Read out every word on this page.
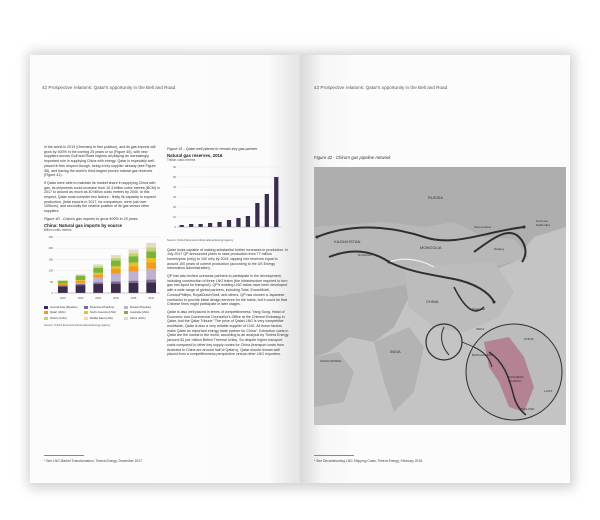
42 Prospective relations: Qatar's opportunity in the Belt and Road

in the world in 2019 (Germany in first position), and its gas imports will grow by 400% in the coming 25 years or so (Figure 40), with new suppliers across Gulf and Road regions all playing an increasingly important role in supplying China with energy. Qatar is especially well-placed in this respect though, being a key supplier already (see Figure 36), and having the world's third-largest proven natural gas reserves (Figure 41).

If Qatar were able to maintain its market share in supplying China with gas, its shipments could increase from 10.3 billion cubic metres (BCM) in 2017 to around as much as 40 billion cubic metres by 2040. In this respect, Qatar must consider two factors - firstly its capacity to expand production, (total exports in 2017, for comparison, were just over 100bcm), and secondly the relative position of its gas versus other suppliers.

Figure 40 - China's gas imports to grow 400% in 25 years
China: Natural gas imports by source
Billion cubic metres
0
50
100
150
200
250
2016	2020	2025	2030	2035	2040
Central Asia (Pipeline)	Myanmar (Pipeline)	Russia (Pipeline)
Qatar (LNG)	North America (LNG)	Australia (LNG)
Others (LNG)	Middle East (LNG)	Africa (LNG)
Source: Oxford Economics/International Energy Agency
Figure 41 - Qatar well placed to remain key gas partner
Natural gas reserves, 2016
Trillion cubic metres
0
10
20
30
40
50
60
Source: Oxford Economics/International Energy Agency

Qatar looks capable of making substantial further increases in production. In July 2017 QP announced plans to raise production from 77 million tonnes/year (mt/y) to 100 mt/y by 2024, tapping into reserves equal to around 100 years of current production (according to the US Energy Information Administration).

QP has also invited overseas partners to participate in the development, including construction of three LNG trains (the infrastructure required to turn gas into liquid for transport). QP's existing LNG trains have been developed with a wide range of global partners, including Total, ExxonMobil, ConocoPhillips, RoyalDutchShell, and others. QP has chosen a Japanese contractor to provide initial design services for the trains, but it could be that Chinese firms might participate in later stages.

Qatar is also well placed in terms of competitiveness. Yang Song, Head of Economic and Commercial Counsellor's Office at the Chinese Embassy in Qatar, told the Qatar Tribune "The price of Qatari LNG is very competitive worldwide, Qatar is also a very reliable supplier of LNG. All these factors make Qatar an important energy trade partner for China". Extraction costs in Qatar are the lowest in the world, according to an analysis by Timera Energy (around $1 per million British Thermal Units). So despite higher transport costs compared to other key supply routes for China (transport costs from Australia to China are around half of Qatar's), Qatar should remain well placed from a competitiveness perspective versus other LNG exporters.

* See LNG Market Transformation, Timera Energy, December 2017
43 Prospective relations: Qatar's opportunity in the Belt and Road
Figure 42 - China's gas pipeline network
RUSSIA
KAZAKHSTAN
MONGOLIA
CHINA
INDIA
SAUDI ARABIA
Skovorodino
Daqing
Kozmino Nakhodka
Dzharkent
Shanghai
INDIA
CHINA
MYANMAR (BURMA)
BANGLADESH
THAILAND
LAOS
* See Deconstructing LNG Shipping Costs, Timera Energy, February 2018
